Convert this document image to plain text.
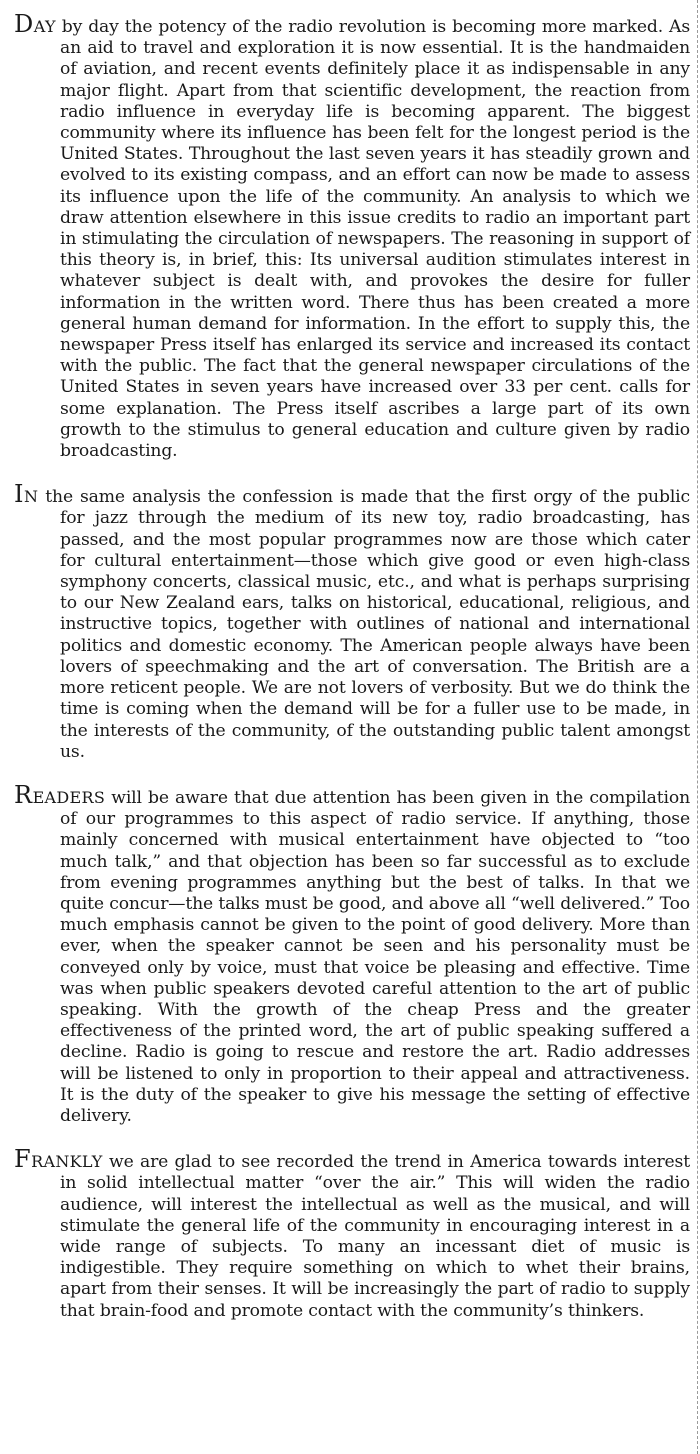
DAY by day the potency of the radio revolution is becoming more marked. As an aid to travel and exploration it is now essential. It is the handmaiden of aviation, and recent events definitely place it as indispensable in any major flight. Apart from that scientific development, the reaction from radio influence in everyday life is becoming apparent. The biggest community where its influence has been felt for the longest period is the United States. Throughout the last seven years it has steadily grown and evolved to its existing compass, and an effort can now be made to assess its influence upon the life of the community. An analysis to which we draw attention elsewhere in this issue credits to radio an important part in stimulating the circulation of newspapers. The reasoning in support of this theory is, in brief, this: Its universal audition stimulates interest in whatever subject is dealt with, and provokes the desire for fuller information in the written word. There thus has been created a more general human demand for information. In the effort to supply this, the newspaper Press itself has enlarged its service and increased its contact with the public. The fact that the general newspaper circulations of the United States in seven years have increased over 33 per cent. calls for some explanation. The Press itself ascribes a large part of its own growth to the stimulus to general education and culture given by radio broadcasting.

IN the same analysis the confession is made that the first orgy of the public for jazz through the medium of its new toy, radio broadcasting, has passed, and the most popular programmes now are those which cater for cultural entertainment—those which give good or even high-class symphony concerts, classical music, etc., and what is perhaps surprising to our New Zealand ears, talks on historical, educational, religious, and instructive topics, together with outlines of national and international politics and domestic economy. The American people always have been lovers of speechmaking and the art of conversation. The British are a more reticent people. We are not lovers of verbosity. But we do think the time is coming when the demand will be for a fuller use to be made, in the interests of the community, of the outstanding public talent amongst us.

READERS will be aware that due attention has been given in the compilation of our programmes to this aspect of radio service. If anything, those mainly concerned with musical entertainment have objected to “too much talk,” and that objection has been so far successful as to exclude from evening programmes anything but the best of talks. In that we quite concur—the talks must be good, and above all “well delivered.” Too much emphasis cannot be given to the point of good delivery. More than ever, when the speaker cannot be seen and his personality must be conveyed only by voice, must that voice be pleasing and effective. Time was when public speakers devoted careful attention to the art of public speaking. With the growth of the cheap Press and the greater effectiveness of the printed word, the art of public speaking suffered a decline. Radio is going to rescue and restore the art. Radio addresses will be listened to only in proportion to their appeal and attractiveness. It is the duty of the speaker to give his message the setting of effective delivery.

FRANKLY we are glad to see recorded the trend in America towards interest in solid intellectual matter “over the air.” This will widen the radio audience, will interest the intellectual as well as the musical, and will stimulate the general life of the community in encouraging interest in a wide range of subjects. To many an incessant diet of music is indigestible. They require something on which to whet their brains, apart from their senses. It will be increasingly the part of radio to supply that brain-food and promote contact with the community’s thinkers.
